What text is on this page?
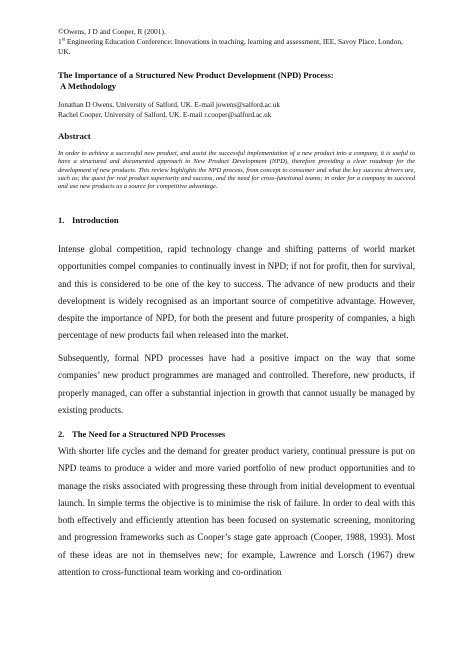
©Owens, J D and Cooper, R (2001).
1st Engineering Education Conference: Innovations in teaching, learning and assessment, IEE, Savoy Place, London, UK.
The Importance of a Structured New Product Development (NPD) Process:
A Methodology
Jonathan D Owens, University of Salford, UK. E-mail jowens@salford.ac.uk
Rachel Cooper, University of Salford, UK. E-mail r.cooper@salford.ac.uk
Abstract
In order to achieve a successful new product, and assist the successful implementation of a new product into a company, it is useful to have a structured and documented approach to New Product Development (NPD), therefore providing a clear roadmap for the development of new products. This review highlights the NPD process, from concept to consumer and what the key success drivers are, such as; the quest for real product superiority and success, and the need for cross-functional teams; in order for a company to succeed and use new products as a source for competitive advantage.
1. Introduction
Intense global competition, rapid technology change and shifting patterns of world market opportunities compel companies to continually invest in NPD; if not for profit, then for survival, and this is considered to be one of the key to success. The advance of new products and their development is widely recognised as an important source of competitive advantage. However, despite the importance of NPD, for both the present and future prosperity of companies, a high percentage of new products fail when released into the market.
Subsequently, formal NPD processes have had a positive impact on the way that some companies’ new product programmes are managed and controlled. Therefore, new products, if properly managed, can offer a substantial injection in growth that cannot usually be managed by existing products.
2. The Need for a Structured NPD Processes
With shorter life cycles and the demand for greater product variety, continual pressure is put on NPD teams to produce a wider and more varied portfolio of new product opportunities and to manage the risks associated with progressing these through from initial development to eventual launch. In simple terms the objective is to minimise the risk of failure. In order to deal with this both effectively and efficiently attention has been focused on systematic screening, monitoring and progression frameworks such as Cooper’s stage gate approach (Cooper, 1988, 1993). Most of these ideas are not in themselves new; for example, Lawrence and Lorsch (1967) drew attention to cross-functional team working and co-ordination
